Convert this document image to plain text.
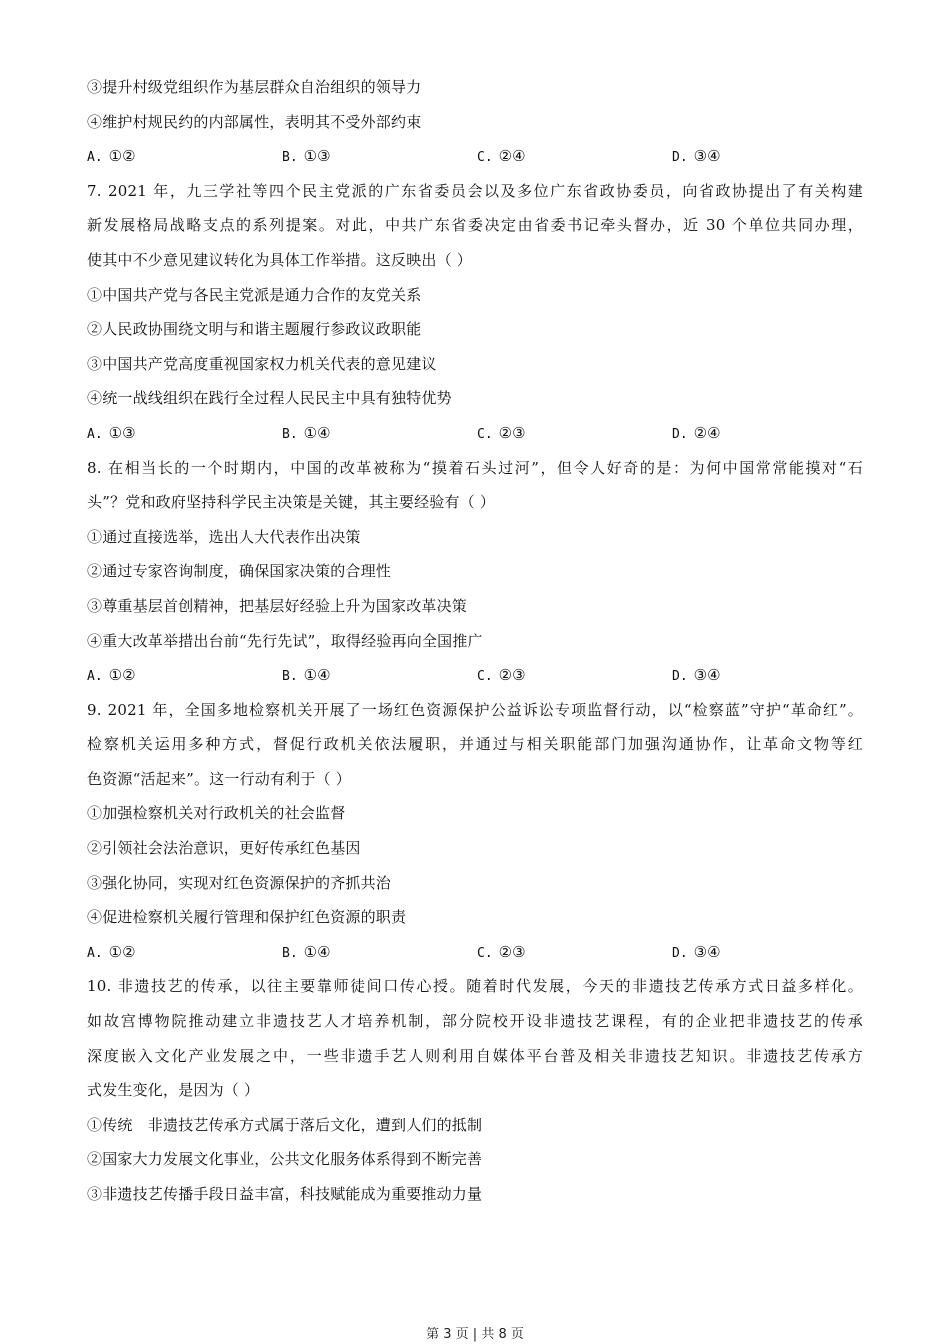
③提升村级党组织作为基层群众自治组织的领导力
④维护村规民约的内部属性，表明其不受外部约束
A. ①②	B. ①③	C. ②④	D. ③④
7. 2021 年，九三学社等四个民主党派的广东省委员会以及多位广东省政协委员，向省政协提出了有关构建
新发展格局战略支点的系列提案。对此，中共广东省委决定由省委书记牵头督办，近 30 个单位共同办理，
使其中不少意见建议转化为具体工作举措。这反映出（ ）
①中国共产党与各民主党派是通力合作的友党关系
②人民政协围绕文明与和谐主题履行参政议政职能
③中国共产党高度重视国家权力机关代表的意见建议
④统一战线组织在践行全过程人民民主中具有独特优势
A. ①③	B. ①④	C. ②③	D. ②④
8. 在相当长的一个时期内，中国的改革被称为“摸着石头过河”，但令人好奇的是：为何中国常常能摸对“石
头”？党和政府坚持科学民主决策是关键，其主要经验有（ ）
①通过直接选举，选出人大代表作出决策
②通过专家咨询制度，确保国家决策的合理性
③尊重基层首创精神，把基层好经验上升为国家改革决策
④重大改革举措出台前“先行先试”，取得经验再向全国推广
A. ①②	B. ①④	C. ②③	D. ③④
9. 2021 年，全国多地检察机关开展了一场红色资源保护公益诉讼专项监督行动，以“检察蓝”守护“革命红”。
检察机关运用多种方式，督促行政机关依法履职，并通过与相关职能部门加强沟通协作，让革命文物等红
色资源“活起来”。这一行动有利于（ ）
①加强检察机关对行政机关的社会监督
②引领社会法治意识，更好传承红色基因
③强化协同，实现对红色资源保护的齐抓共治
④促进检察机关履行管理和保护红色资源的职责
A. ①②	B. ①④	C. ②③	D. ③④
10. 非遗技艺的传承，以往主要靠师徒间口传心授。随着时代发展，今天的非遗技艺传承方式日益多样化。
如故宫博物院推动建立非遗技艺人才培养机制，部分院校开设非遗技艺课程，有的企业把非遗技艺的传承
深度嵌入文化产业发展之中，一些非遗手艺人则利用自媒体平台普及相关非遗技艺知识。非遗技艺传承方
式发生变化，是因为（ ）
①传统　非遗技艺传承方式属于落后文化，遭到人们的抵制
②国家大力发展文化事业，公共文化服务体系得到不断完善
③非遗技艺传播手段日益丰富，科技赋能成为重要推动力量
第 3 页 | 共 8 页
